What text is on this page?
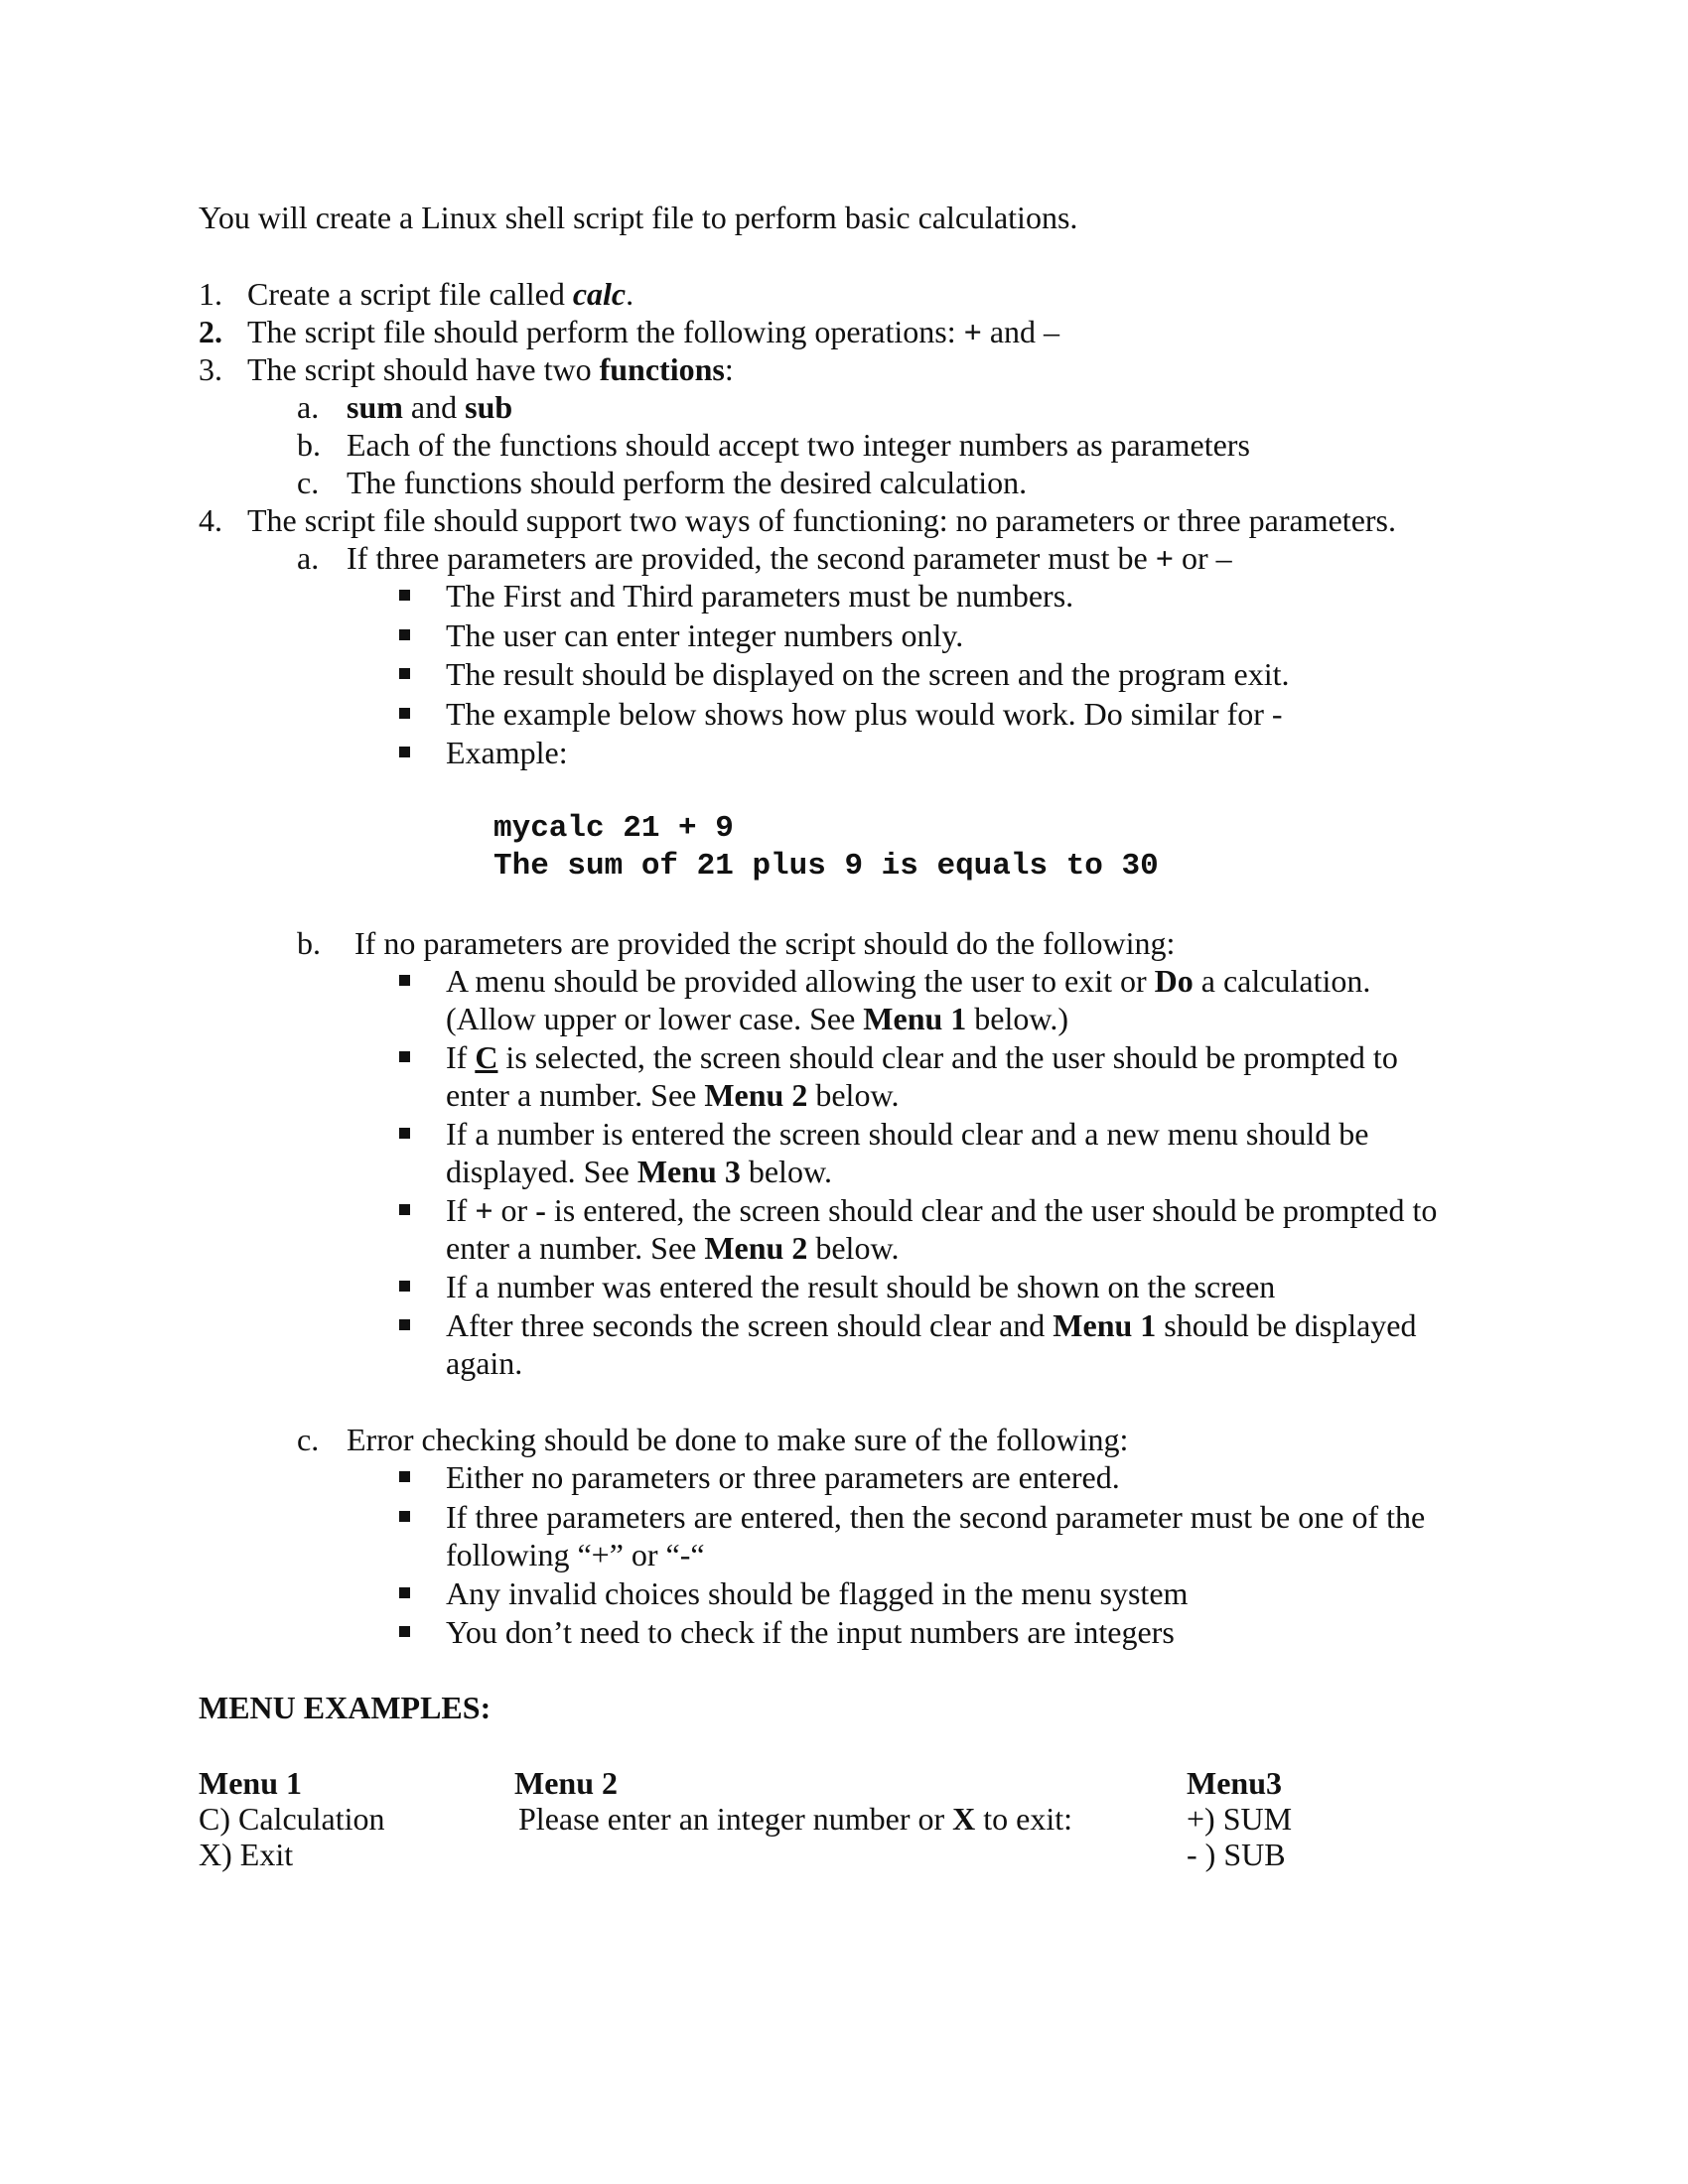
You will create a Linux shell script file to perform basic calculations.
1. Create a script file called calc.
2. The script file should perform the following operations: + and –
3. The script should have two functions:
a. sum and sub
b. Each of the functions should accept two integer numbers as parameters
c. The functions should perform the desired calculation.
4. The script file should support two ways of functioning: no parameters or three parameters.
a. If three parameters are provided, the second parameter must be + or –
The First and Third parameters must be numbers.
The user can enter integer numbers only.
The result should be displayed on the screen and the program exit.
The example below shows how plus would work. Do similar for -
Example:
mycalc 21 + 9
The sum of 21 plus 9 is equals to 30
b. If no parameters are provided the script should do the following:
A menu should be provided allowing the user to exit or Do a calculation.
(Allow upper or lower case. See Menu 1 below.)
If C is selected, the screen should clear and the user should be prompted to
enter a number. See Menu 2 below.
If a number is entered the screen should clear and a new menu should be
displayed. See Menu 3 below.
If + or - is entered, the screen should clear and the user should be prompted to
enter a number. See Menu 2 below.
If a number was entered the result should be shown on the screen
After three seconds the screen should clear and Menu 1 should be displayed
again.
c. Error checking should be done to make sure of the following:
Either no parameters or three parameters are entered.
If three parameters are entered, then the second parameter must be one of the
following “+” or “-“
Any invalid choices should be flagged in the menu system
You don’t need to check if the input numbers are integers
MENU EXAMPLES:
Menu 1
C) Calculation
X) Exit
Menu 2
Please enter an integer number or X to exit:
Menu3
+) SUM
- ) SUB
